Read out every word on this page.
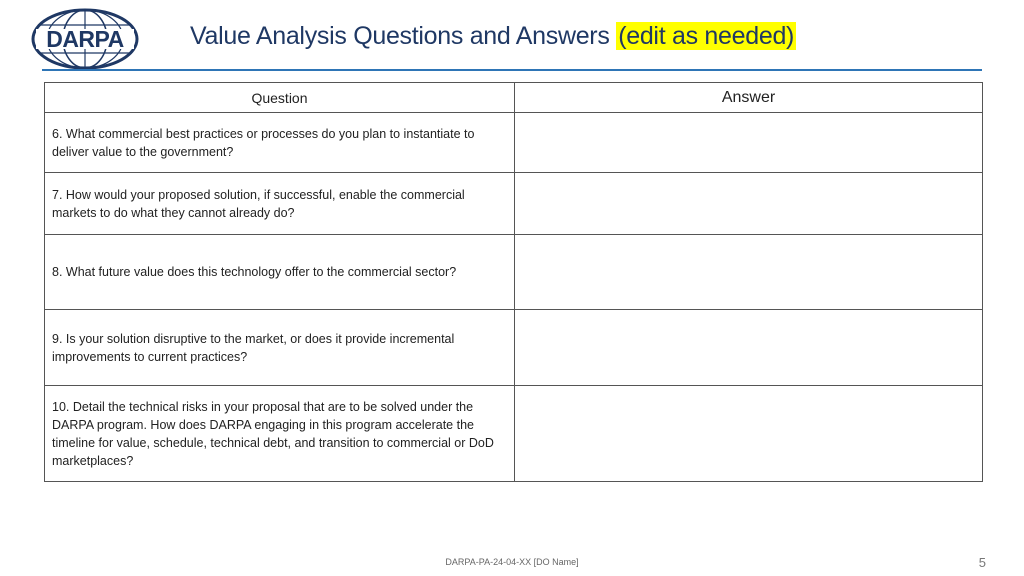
DARPA	Value Analysis Questions and Answers (edit as needed)
Question	Answer
6. What commercial best practices or processes do you plan to instantiate to deliver value to the government?	
7. How would your proposed solution, if successful, enable the commercial markets to do what they cannot already do?	
8. What future value does this technology offer to the commercial sector?	
9. Is your solution disruptive to the market, or does it provide incremental improvements to current practices?	
10. Detail the technical risks in your proposal that are to be solved under the DARPA program. How does DARPA engaging in this program accelerate the timeline for value, schedule, technical debt, and transition to commercial or DoD marketplaces?	
DARPA-PA-24-04-XX [DO Name]	5
